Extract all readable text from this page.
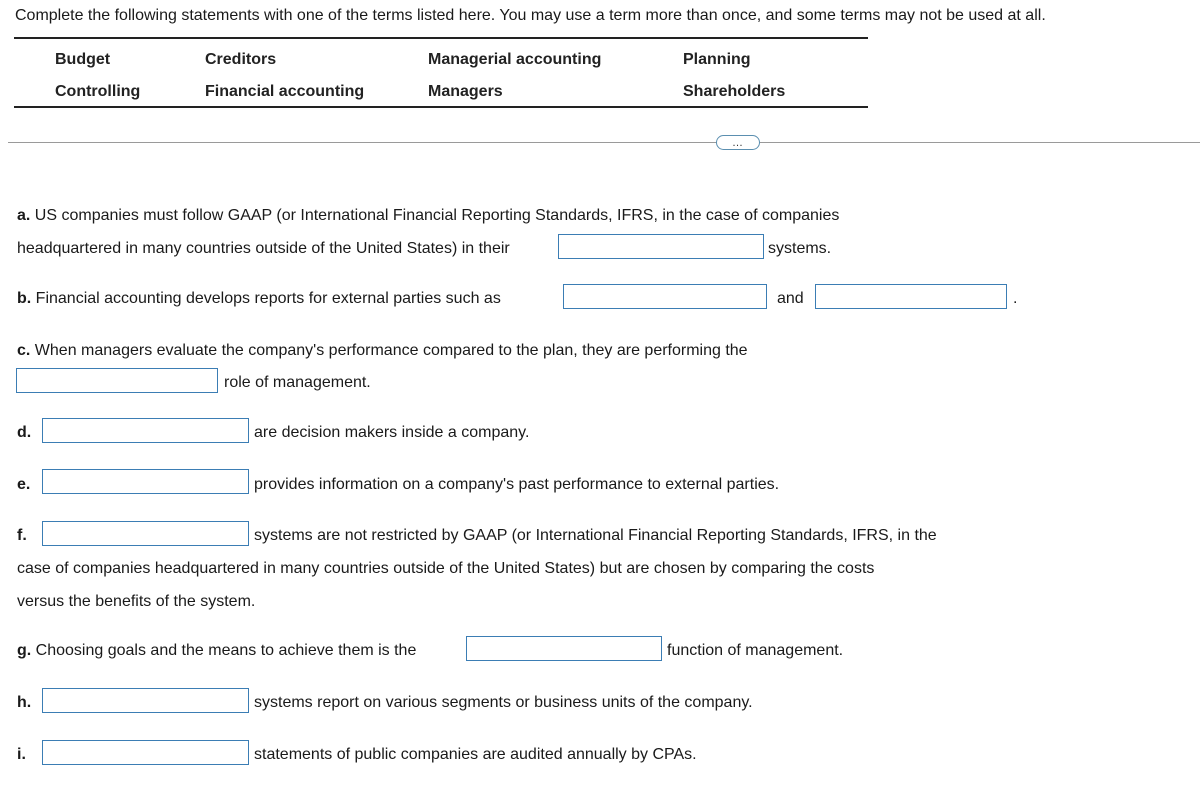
Complete the following statements with one of the terms listed here. You may use a term more than once, and some terms may not be used at all.
Budget	Creditors	Managerial accounting	Planning
Controlling	Financial accounting	Managers	Shareholders
…
a. US companies must follow GAAP (or International Financial Reporting Standards, IFRS, in the case of companies
headquartered in many countries outside of the United States) in their	systems.
b. Financial accounting develops reports for external parties such as	and	.
c. When managers evaluate the company's performance compared to the plan, they are performing the
role of management.
d.	are decision makers inside a company.
e.	provides information on a company's past performance to external parties.
f.	systems are not restricted by GAAP (or International Financial Reporting Standards, IFRS, in the
case of companies headquartered in many countries outside of the United States) but are chosen by comparing the costs
versus the benefits of the system.
g. Choosing goals and the means to achieve them is the	function of management.
h.	systems report on various segments or business units of the company.
i.	statements of public companies are audited annually by CPAs.
